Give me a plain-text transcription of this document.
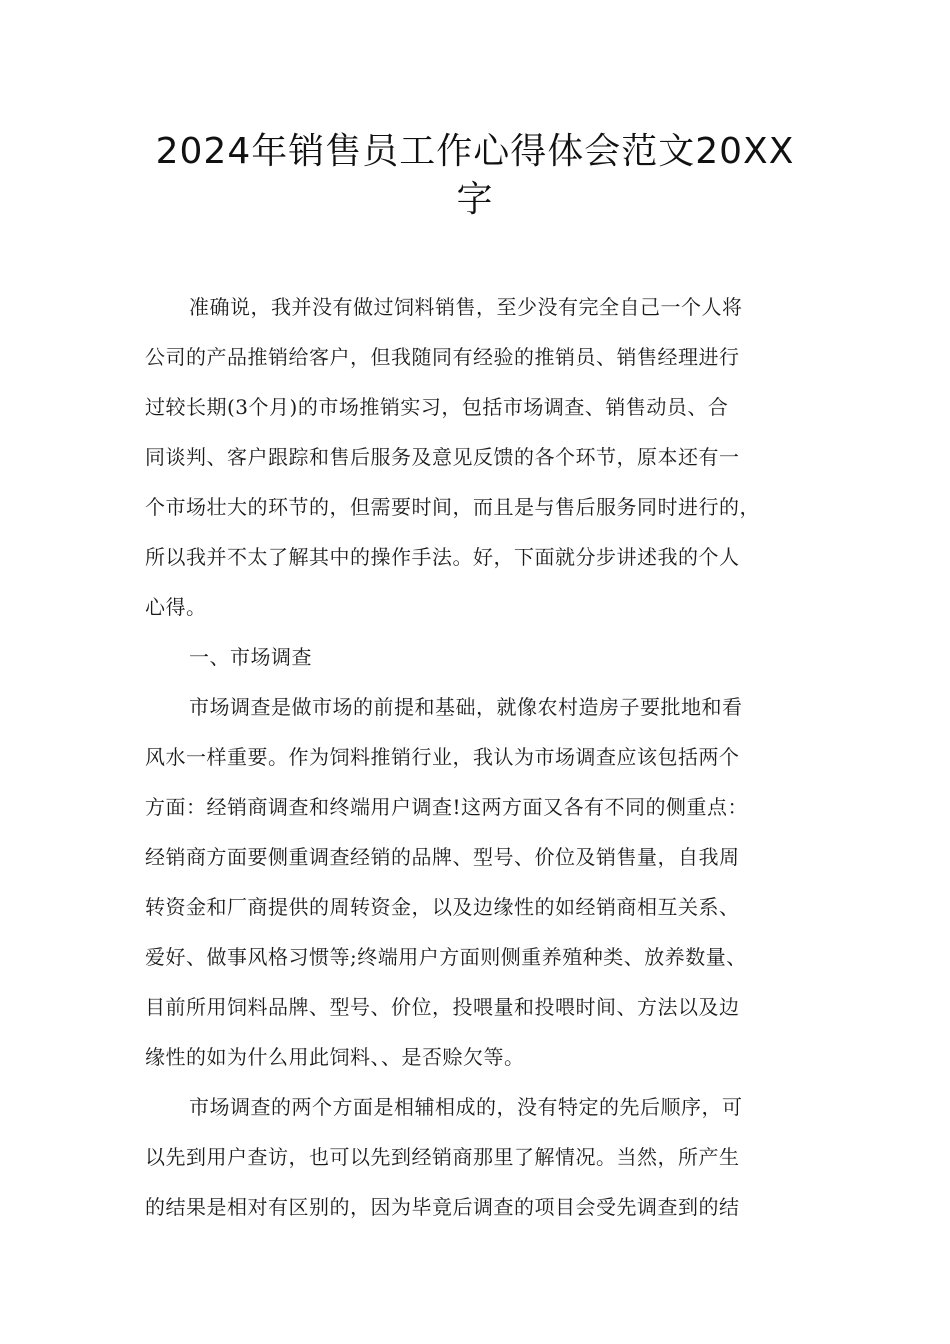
2024年销售员工作心得体会范文20XX
字
准确说，我并没有做过饲料销售，至少没有完全自己一个人将
公司的产品推销给客户，但我随同有经验的推销员、销售经理进行
过较长期(3个月)的市场推销实习，包括市场调查、销售动员、合
同谈判、客户跟踪和售后服务及意见反馈的各个环节，原本还有一
个市场壮大的环节的，但需要时间，而且是与售后服务同时进行的，
所以我并不太了解其中的操作手法。好，下面就分步讲述我的个人
心得。
一、市场调查
市场调查是做市场的前提和基础，就像农村造房子要批地和看
风水一样重要。作为饲料推销行业，我认为市场调查应该包括两个
方面：经销商调查和终端用户调查!这两方面又各有不同的侧重点：
经销商方面要侧重调查经销的品牌、型号、价位及销售量，自我周
转资金和厂商提供的周转资金，以及边缘性的如经销商相互关系、
爱好、做事风格习惯等;终端用户方面则侧重养殖种类、放养数量、
目前所用饲料品牌、型号、价位，投喂量和投喂时间、方法以及边
缘性的如为什么用此饲料、、是否赊欠等。
市场调查的两个方面是相辅相成的，没有特定的先后顺序，可
以先到用户查访，也可以先到经销商那里了解情况。当然，所产生
的结果是相对有区别的，因为毕竟后调查的项目会受先调查到的结
